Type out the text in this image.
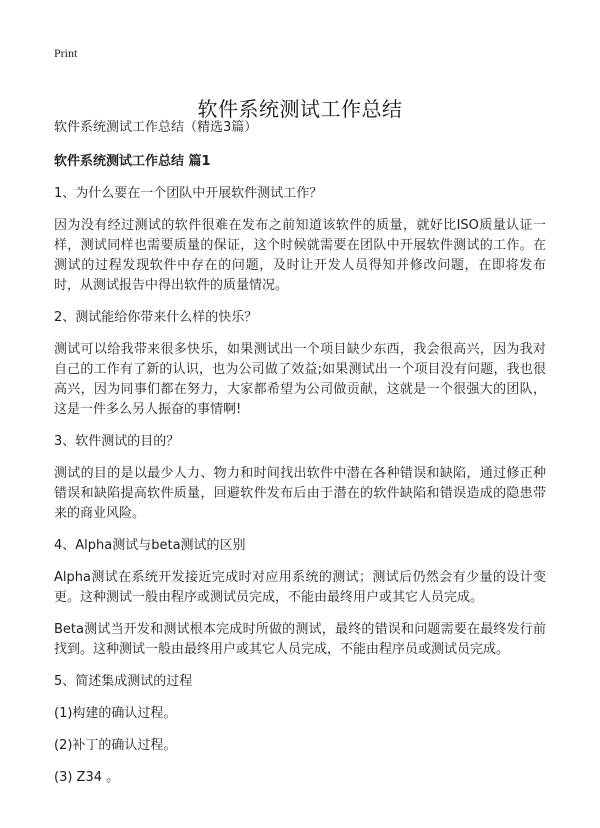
Print
软件系统测试工作总结

软件系统测试工作总结（精选3篇）

软件系统测试工作总结 篇1

1、为什么要在一个团队中开展软件测试工作？

因为没有经过测试的软件很难在发布之前知道该软件的质量，就好比ISO质量认证一样，测试同样也需要质量的保证，这个时候就需要在团队中开展软件测试的工作。在测试的过程发现软件中存在的问题，及时让开发人员得知并修改问题，在即将发布时，从测试报告中得出软件的质量情况。

2、测试能给你带来什么样的快乐？

测试可以给我带来很多快乐，如果测试出一个项目缺少东西，我会很高兴，因为我对自己的工作有了新的认识，也为公司做了效益;如果测试出一个项目没有问题，我也很高兴，因为同事们都在努力，大家都希望为公司做贡献，这就是一个很强大的团队，这是一件多么另人振奋的事情啊!

3、软件测试的目的？

测试的目的是以最少人力、物力和时间找出软件中潜在各种错误和缺陷，通过修正种错误和缺陷提高软件质量，回避软件发布后由于潜在的软件缺陷和错误造成的隐患带来的商业风险。

4、Alpha测试与beta测试的区别

Alpha测试在系统开发接近完成时对应用系统的测试；测试后仍然会有少量的设计变更。这种测试一般由程序或测试员完成，不能由最终用户或其它人员完成。

Beta测试当开发和测试根本完成时所做的测试，最终的错误和问题需要在最终发行前找到。这种测试一般由最终用户或其它人员完成，不能由程序员或测试员完成。

5、简述集成测试的过程

(1)构建的确认过程。

(2)补丁的确认过程。

(3) Z34 。
